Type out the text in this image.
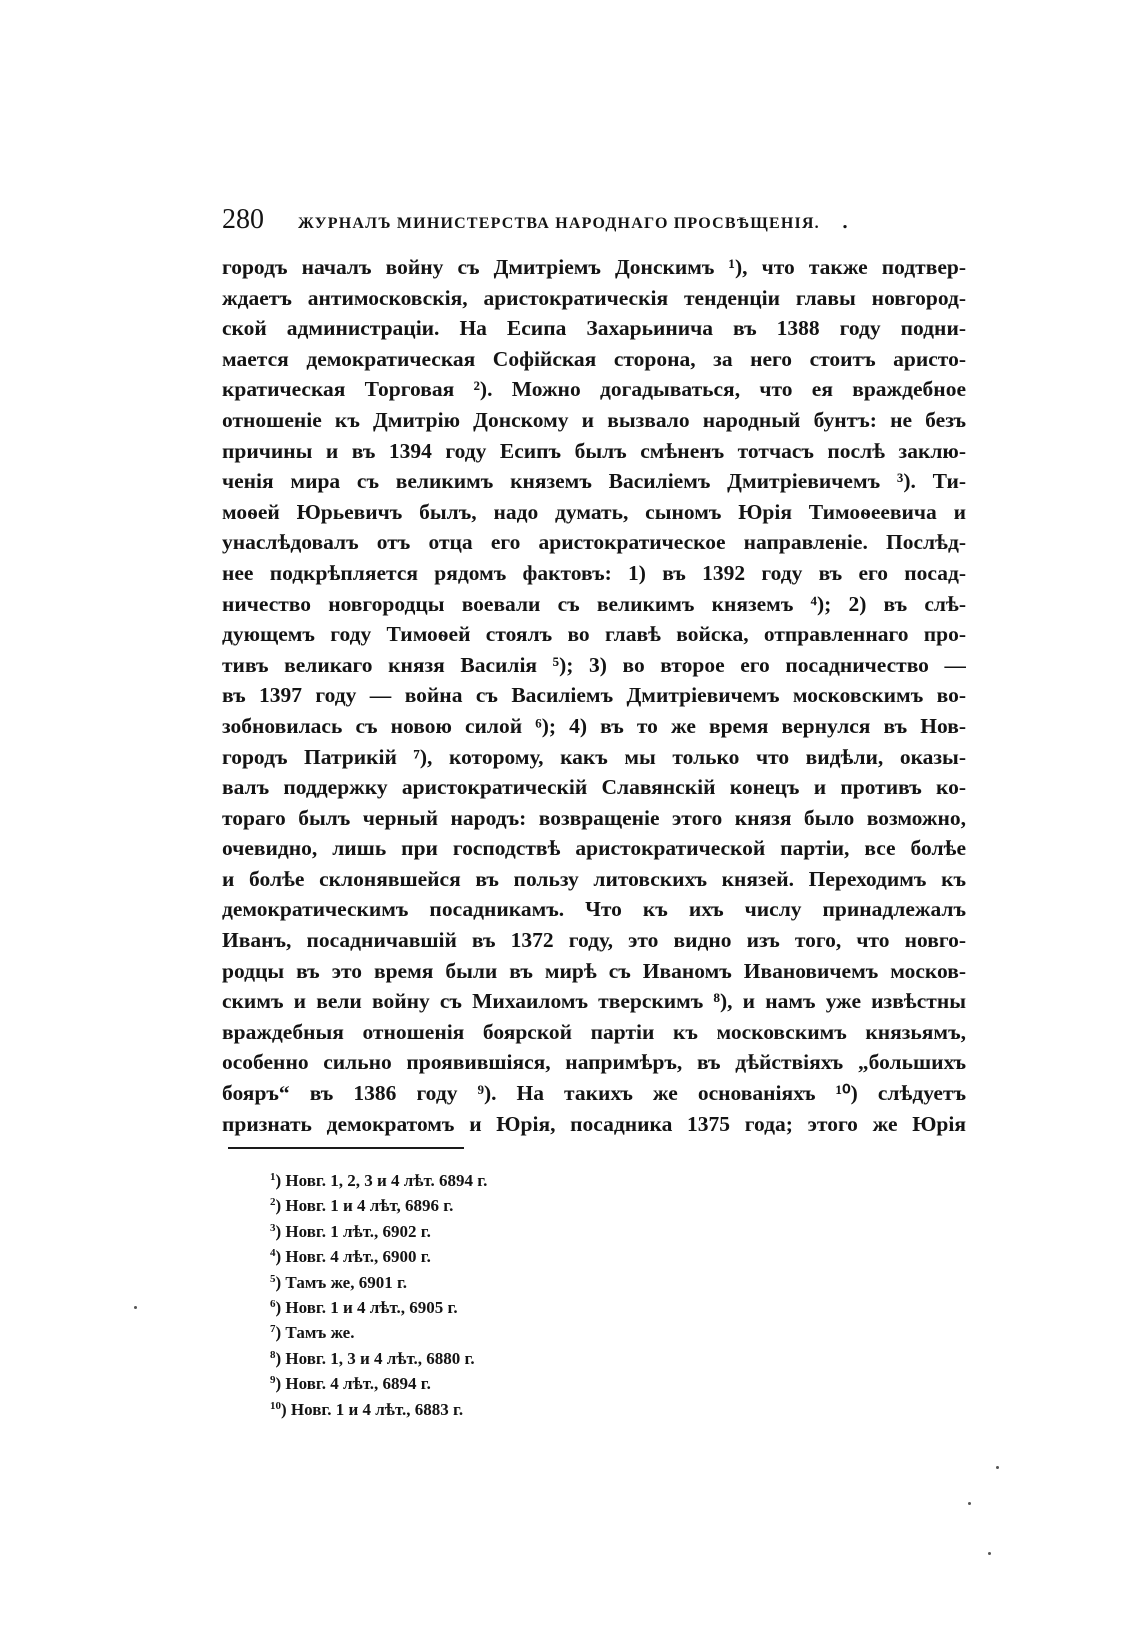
280 ЖУРНАЛЪ МИНИСТЕРСТВА НАРОДНАГО ПРОСВѢЩЕНІЯ. .
городъ началъ войну съ Дмитріемъ Донскимъ ¹), что также подтвер-
ждаетъ антимосковскія, аристократическія тенденціи главы новгород-
ской администраціи. На Есипа Захарьинича въ 1388 году подни-
мается демократическая Софійская сторона, за него стоитъ аристо-
кратическая Торговая ²). Можно догадываться, что ея враждебное
отношеніе къ Дмитрію Донскому и вызвало народный бунтъ: не безъ
причины и въ 1394 году Есипъ былъ смѣненъ тотчасъ послѣ заклю-
ченія мира съ великимъ княземъ Василіемъ Дмитріевичемъ ³). Ти-
моѳей Юрьевичъ былъ, надо думать, сыномъ Юрія Тимоѳеевича и
унаслѣдовалъ отъ отца его аристократическое направленіе. Послѣд-
нее подкрѣпляется рядомъ фактовъ: 1) въ 1392 году въ его посад-
ничество новгородцы воевали съ великимъ княземъ ⁴); 2) въ слѣ-
дующемъ году Тимоѳей стоялъ во главѣ войска, отправленнаго про-
тивъ великаго князя Василія ⁵); 3) во второе его посадничество —
въ 1397 году — война съ Василіемъ Дмитріевичемъ московскимъ во-
зобновилась съ новою силой ⁶); 4) въ то же время вернулся въ Нов-
городъ Патрикій ⁷), которому, какъ мы только что видѣли, оказы-
валъ поддержку аристократическій Славянскій конецъ и противъ ко-
тораго былъ черный народъ: возвращеніе этого князя было возможно,
очевидно, лишь при господствѣ аристократической партіи, все болѣе
и болѣе склонявшейся въ пользу литовскихъ князей. Переходимъ къ
демократическимъ посадникамъ. Что къ ихъ числу принадлежалъ
Иванъ, посадничавшій въ 1372 году, это видно изъ того, что новго-
родцы въ это время были въ мирѣ съ Иваномъ Ивановичемъ москов-
скимъ и вели войну съ Михаиломъ тверскимъ ⁸), и намъ уже извѣстны
враждебныя отношенія боярской партіи къ московскимъ князьямъ,
особенно сильно проявившіяся, напримѣръ, въ дѣйствіяхъ „большихъ
бояръ“ въ 1386 году ⁹). На такихъ же основаніяхъ ¹⁰) слѣдуетъ
признать демократомъ и Юрія, посадника 1375 года; этого же Юрія
$^1$) Новг. 1, 2, 3 и 4 лѣт. 6894 г.
$^2$) Новг. 1 и 4 лѣт, 6896 г.
$^3$) Новг. 1 лѣт., 6902 г.
$^4$) Новг. 4 лѣт., 6900 г.
$^5$) Тамъ же, 6901 г.
$^6$) Новг. 1 и 4 лѣт., 6905 г.
$^7$) Тамъ же.
$^8$) Новг. 1, 3 и 4 лѣт., 6880 г.
$^9$) Новг. 4 лѣт., 6894 г.
$^{10}$) Новг. 1 и 4 лѣт., 6883 г.
